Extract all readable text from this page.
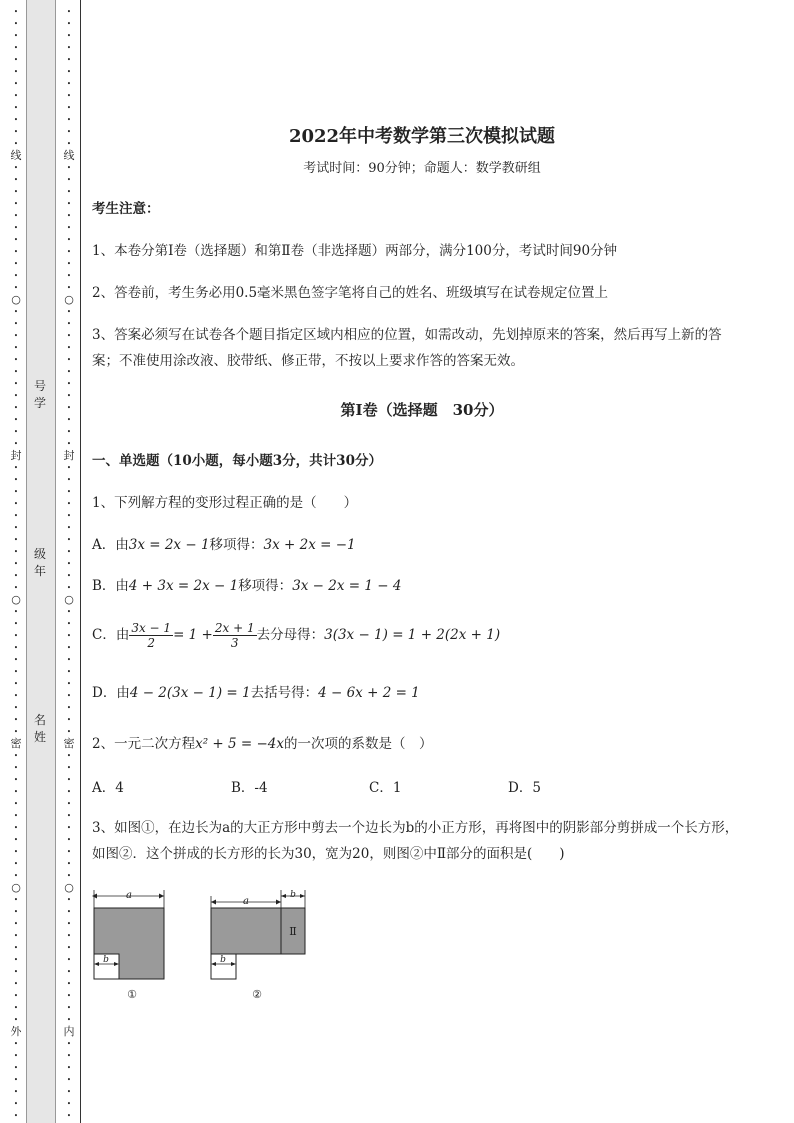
•
•
•
•
•
•
•
•
•
•
•
•
线
•
•
•
•
•
•
•
•
•
•
•
○
•
•
•
•
•
•
•
•
•
•
•
•
封
•
•
•
•
•
•
•
•
•
•
•
○
•
•
•
•
•
•
•
•
•
•
•
密
•
•
•
•
•
•
•
•
•
•
•
○
•
•
•
•
•
•
•
•
•
•
•
外
•
•
•
•
•
•
•
•
•
•
•
•
•
•
•
•
•
•
•
线
•
•
•
•
•
•
•
•
•
•
•
○
•
•
•
•
•
•
•
•
•
•
•
•
封
•
•
•
•
•
•
•
•
•
•
•
○
•
•
•
•
•
•
•
•
•
•
•
密
•
•
•
•
•
•
•
•
•
•
•
○
•
•
•
•
•
•
•
•
•
•
•
内
•
•
•
•
•
•
•
号
学
级
年
名
姓
2022年中考数学第三次模拟试题
考试时间：90分钟；命题人：数学教研组
考生注意：
1、本卷分第Ⅰ卷（选择题）和第Ⅱ卷（非选择题）两部分，满分100分，考试时间90分钟
2、答卷前，考生务必用0.5毫米黑色签字笔将自己的姓名、班级填写在试卷规定位置上
3、答案必须写在试卷各个题目指定区域内相应的位置，如需改动，先划掉原来的答案，然后再写上新的答案；不准使用涂改液、胶带纸、修正带，不按以上要求作答的答案无效。
第Ⅰ卷（选择题　30分）
一、单选题（10小题，每小题3分，共计30分）
1、下列解方程的变形过程正确的是（　　）
A．由3x = 2x − 1移项得：3x + 2x = −1
B．由4 + 3x = 2x − 1移项得：3x − 2x = 1 − 4
C．由 $\frac{3x - 1}{2} = 1 + \frac{2x + 1}{3}$ 去分母得：3(3x − 1) = 1 + 2(2x + 1)
D．由4 − 2(3x − 1) = 1去括号得：4 − 6x + 2 = 1
2、一元二次方程x² + 5 = −4x的一次项的系数是（　）
A．4	B．-4	C．1	D．5
3、如图①，在边长为a的大正方形中剪去一个边长为b的小正方形，再将图中的阴影部分剪拼成一个长方形，如图②．这个拼成的长方形的长为30，宽为20，则图②中Ⅱ部分的面积是(　　)
a
b
①
a
b
Ⅱ
b
②
